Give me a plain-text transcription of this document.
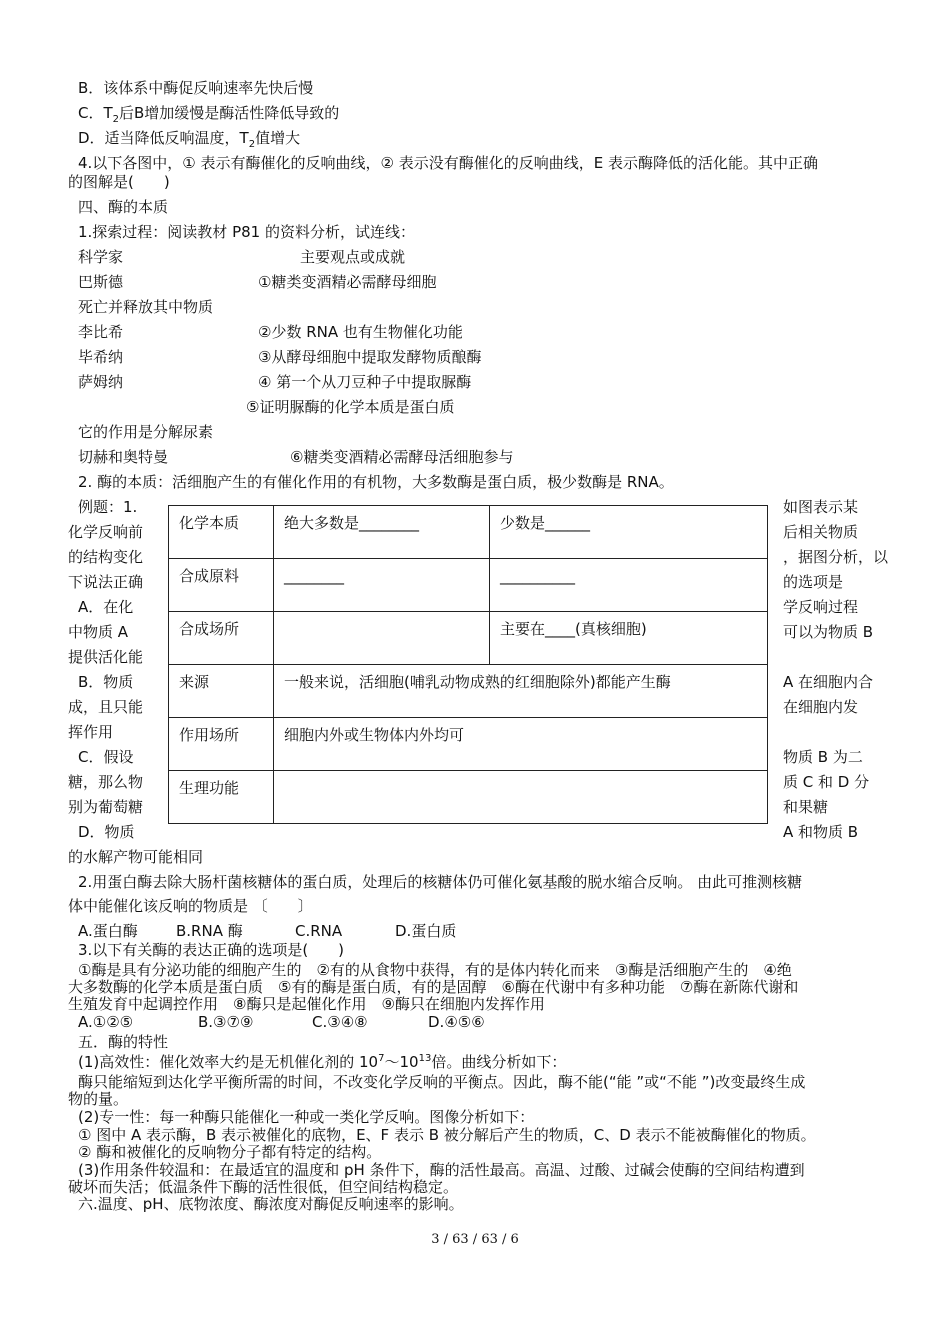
B．该体系中酶促反响速率先快后慢
C．$T_2$后B增加缓慢是酶活性降低导致的
D．适当降低反响温度，$T_2$值增大
4.以下各图中，① 表示有酶催化的反响曲线，② 表示没有酶催化的反响曲线，E 表示酶降低的活化能。其中正确
的图解是(　　)
四、酶的本质
1.探索过程：阅读教材 P81 的资料分析，试连线：
科学家	主要观点或成就
巴斯德	①糖类变酒精必需酵母细胞
死亡并释放其中物质
李比希	②少数 RNA 也有生物催化功能
毕希纳	③从酵母细胞中提取发酵物质酿酶
萨姆纳	④ 第一个从刀豆种子中提取脲酶
⑤证明脲酶的化学本质是蛋白质
它的作用是分解尿素
切赫和奥特曼	⑥糖类变酒精必需酵母活细胞参与
2. 酶的本质：活细胞产生的有催化作用的有机物，大多数酶是蛋白质，极少数酶是 RNA。
例题：1.
化学反响前
的结构变化
下说法正确
A．在化
中物质 A
提供活化能
B．物质
成，且只能
挥作用
C．假设
糖，那么物
别为葡萄糖
D．物质
如图表示某
后相关物质
，据图分析，以
的选项是
学反响过程
可以为物质 B
A 在细胞内合
在细胞内发
物质 B 为二
质 C 和 D 分
和果糖
A 和物质 B
化学本质	绝大多数是________	少数是______
合成原料	________	__________
合成场所		主要在____(真核细胞)
来源	一般来说，活细胞(哺乳动物成熟的红细胞除外)都能产生酶	
作用场所	细胞内外或生物体内外均可	
生理功能		
的水解产物可能相同
2.用蛋白酶去除大肠杆菌核糖体的蛋白质，处理后的核糖体仍可催化氨基酸的脱水缩合反响。 由此可推测核糖
体中能催化该反响的物质是 〔　　〕
A.蛋白酶	B.RNA 酶	C.RNA	D.蛋白质
3.以下有关酶的表达正确的选项是(　　)
①酶是具有分泌功能的细胞产生的　②有的从食物中获得，有的是体内转化而来　③酶是活细胞产生的　④绝
大多数酶的化学本质是蛋白质　⑤有的酶是蛋白质，有的是固醇　⑥酶在代谢中有多种功能　⑦酶在新陈代谢和
生殖发育中起调控作用　⑧酶只是起催化作用　⑨酶只在细胞内发挥作用
A.①②⑤	B.③⑦⑨	C.③④⑧	D.④⑤⑥
五．酶的特性
(1)高效性：催化效率大约是无机催化剂的 $10^7\sim 10^{13}$倍。曲线分析如下：
酶只能缩短到达化学平衡所需的时间，不改变化学反响的平衡点。因此，酶不能(“能 ”或“不能 ”)改变最终生成
物的量。
(2)专一性：每一种酶只能催化一种或一类化学反响。图像分析如下：
① 图中 A 表示酶，B 表示被催化的底物，E、F 表示 B 被分解后产生的物质，C、D 表示不能被酶催化的物质。
② 酶和被催化的反响物分子都有特定的结构。
(3)作用条件较温和：在最适宜的温度和 pH 条件下，酶的活性最高。高温、过酸、过碱会使酶的空间结构遭到
破坏而失活；低温条件下酶的活性很低，但空间结构稳定。
六.温度、pH、底物浓度、酶浓度对酶促反响速率的影响。
3 / 63 / 63 / 6
